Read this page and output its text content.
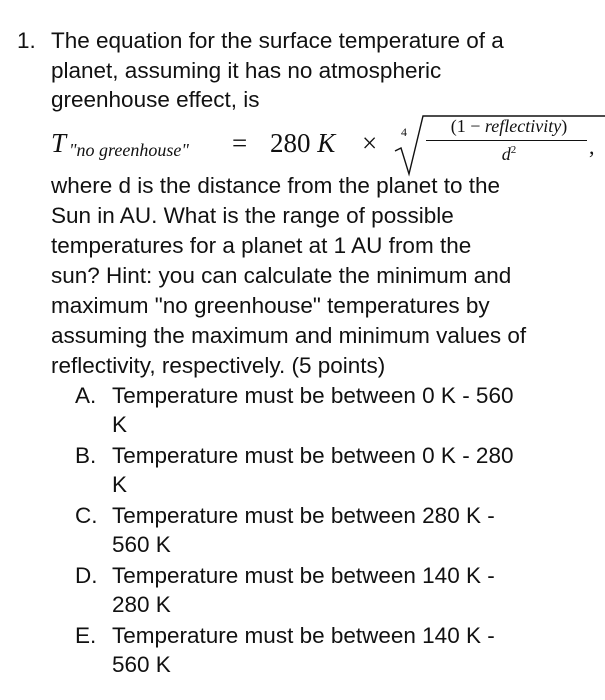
1. The equation for the surface temperature of a
planet, assuming it has no atmospheric
greenhouse effect, is
T "no greenhouse" = 280 K × 4	(1 − reflectivity)
$d^2$	,
where d is the distance from the planet to the
Sun in AU. What is the range of possible
temperatures for a planet at 1 AU from the
sun? Hint: you can calculate the minimum and
maximum "no greenhouse" temperatures by
assuming the maximum and minimum values of
reflectivity, respectively. (5 points)
A. Temperature must be between 0 K - 560
K
B. Temperature must be between 0 K - 280
K
C. Temperature must be between 280 K -
560 K
D. Temperature must be between 140 K -
280 K
E. Temperature must be between 140 K -
560 K
